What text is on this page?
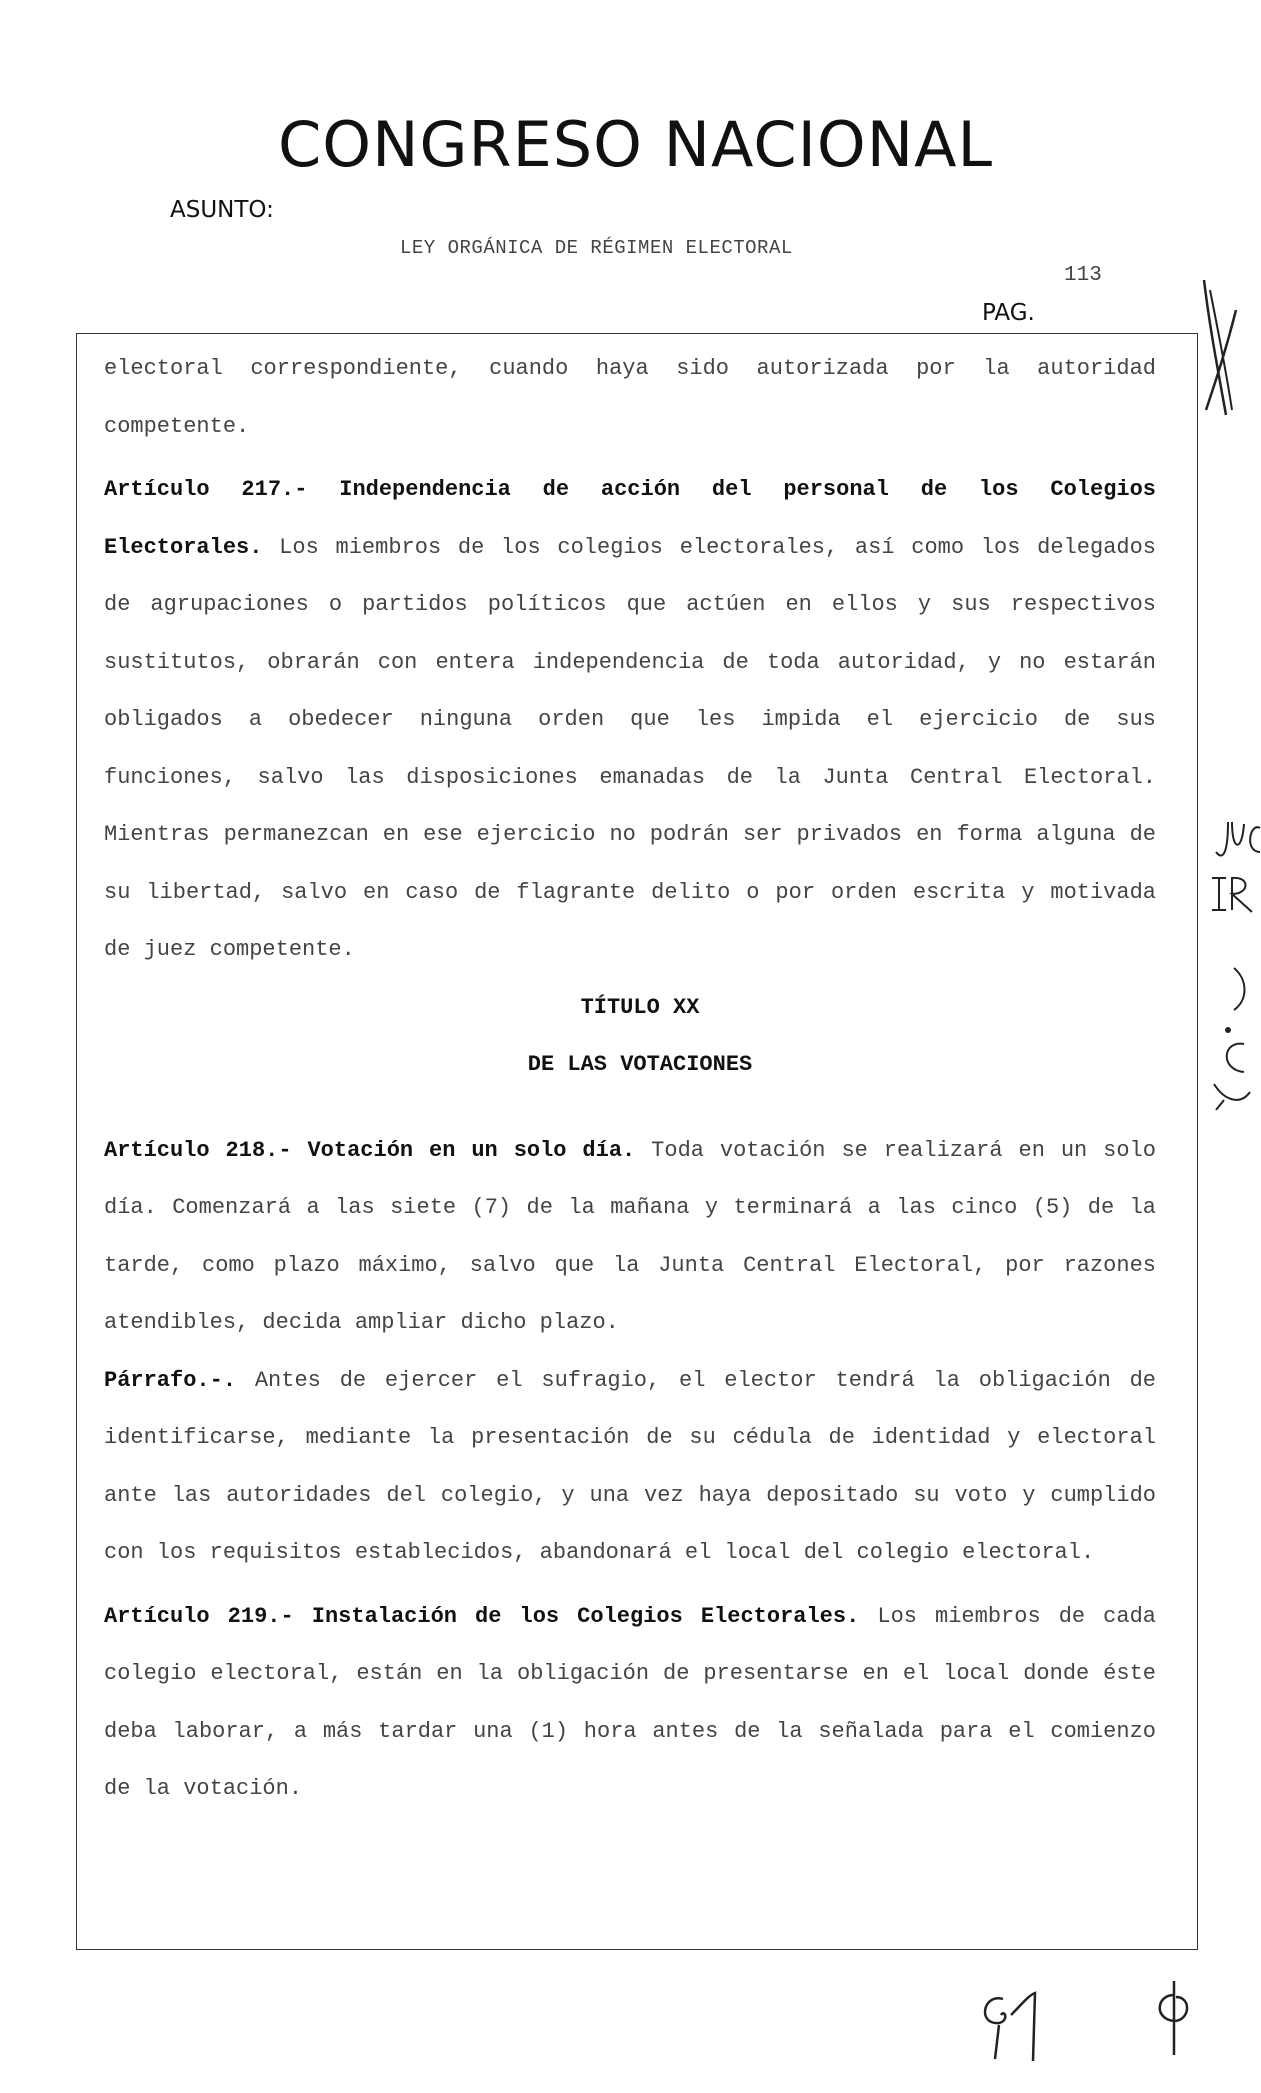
CONGRESO NACIONAL
ASUNTO:
LEY ORGÁNICA DE RÉGIMEN ELECTORAL
113
PAG.

electoral correspondiente, cuando haya sido autorizada por la autoridad competente.

Artículo 217.- Independencia de acción del personal de los Colegios Electorales. Los miembros de los colegios electorales, así como los delegados de agrupaciones o partidos políticos que actúen en ellos y sus respectivos sustitutos, obrarán con entera independencia de toda autoridad, y no estarán obligados a obedecer ninguna orden que les impida el ejercicio de sus funciones, salvo las disposiciones emanadas de la Junta Central Electoral. Mientras permanezcan en ese ejercicio no podrán ser privados en forma alguna de su libertad, salvo en caso de flagrante delito o por orden escrita y motivada de juez competente.

TÍTULO XX

DE LAS VOTACIONES

Artículo 218.- Votación en un solo día. Toda votación se realizará en un solo día. Comenzará a las siete (7) de la mañana y terminará a las cinco (5) de la tarde, como plazo máximo, salvo que la Junta Central Electoral, por razones atendibles, decida ampliar dicho plazo.

Párrafo.-. Antes de ejercer el sufragio, el elector tendrá la obligación de identificarse, mediante la presentación de su cédula de identidad y electoral ante las autoridades del colegio, y una vez haya depositado su voto y cumplido con los requisitos establecidos, abandonará el local del colegio electoral.

Artículo 219.- Instalación de los Colegios Electorales. Los miembros de cada colegio electoral, están en la obligación de presentarse en el local donde éste deba laborar, a más tardar una (1) hora antes de la señalada para el comienzo de la votación.
